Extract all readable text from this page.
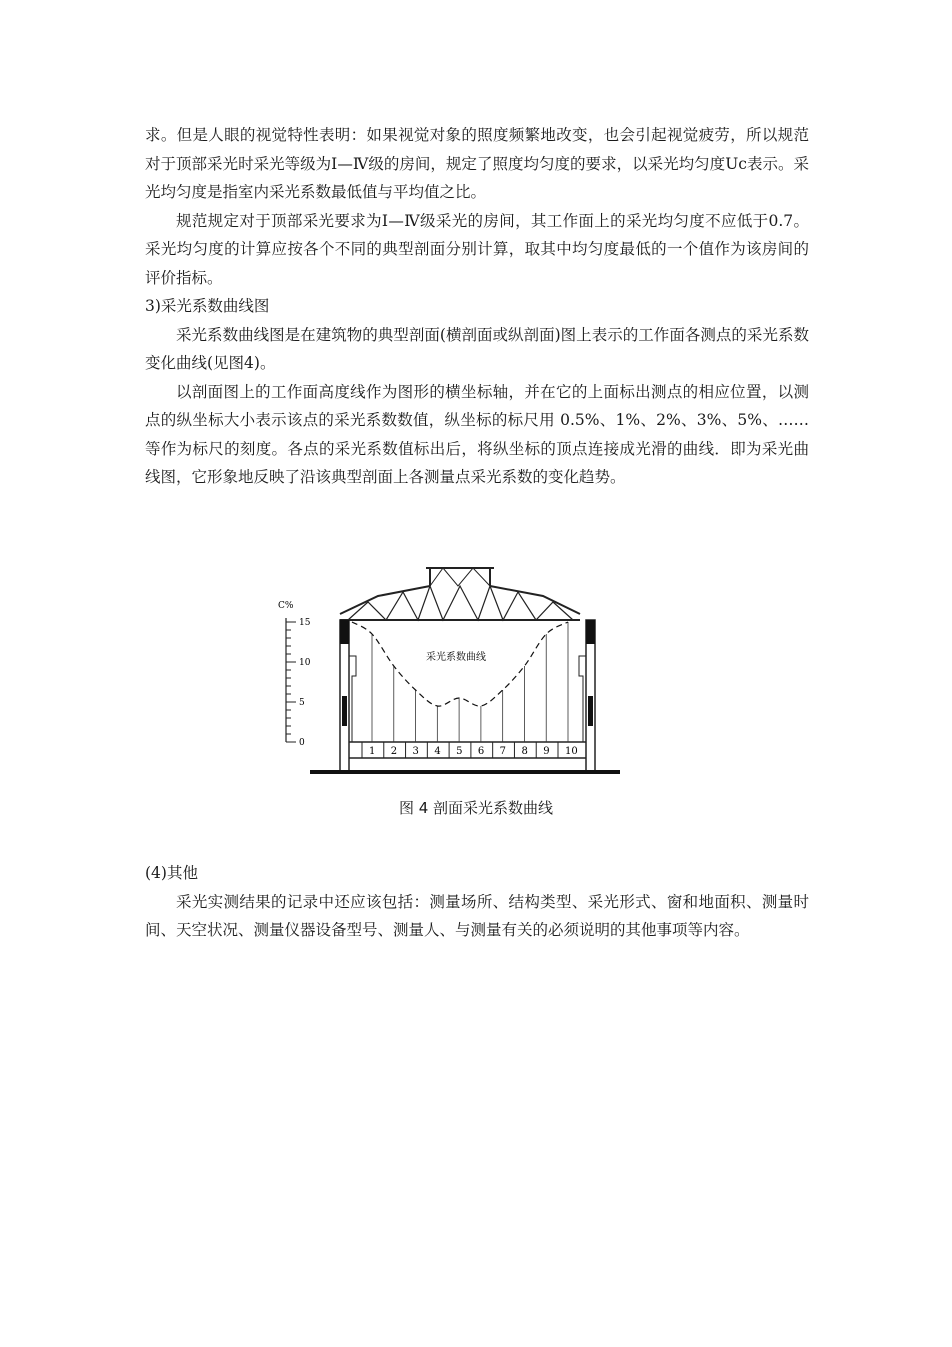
求。但是人眼的视觉特性表明：如果视觉对象的照度频繁地改变，也会引起视觉疲劳，所以规范对于顶部采光时采光等级为Ⅰ—Ⅳ级的房间，规定了照度均匀度的要求，以采光均匀度Uc表示。采光均匀度是指室内采光系数最低值与平均值之比。

规范规定对于顶部采光要求为Ⅰ—Ⅳ级采光的房间，其工作面上的采光均匀度不应低于0.7。采光均匀度的计算应按各个不同的典型剖面分别计算，取其中均匀度最低的一个值作为该房间的评价指标。

3)采光系数曲线图

采光系数曲线图是在建筑物的典型剖面(横剖面或纵剖面)图上表示的工作面各测点的采光系数变化曲线(见图4)。

以剖面图上的工作面高度线作为图形的横坐标轴，并在它的上面标出测点的相应位置，以测点的纵坐标大小表示该点的采光系数数值，纵坐标的标尺用 0.5%、1%、2%、3%、5%、……等作为标尺的刻度。各点的采光系数值标出后，将纵坐标的顶点连接成光滑的曲线．即为采光曲线图，它形象地反映了沿该典型剖面上各测量点采光系数的变化趋势。

C%
0
5
10
15
1 2 3 4 5 6 7 8 9 10
采光系数曲线
图 4 剖面采光系数曲线

(4)其他

采光实测结果的记录中还应该包括：测量场所、结构类型、采光形式、窗和地面积、测量时间、天空状况、测量仪器设备型号、测量人、与测量有关的必须说明的其他事项等内容。
